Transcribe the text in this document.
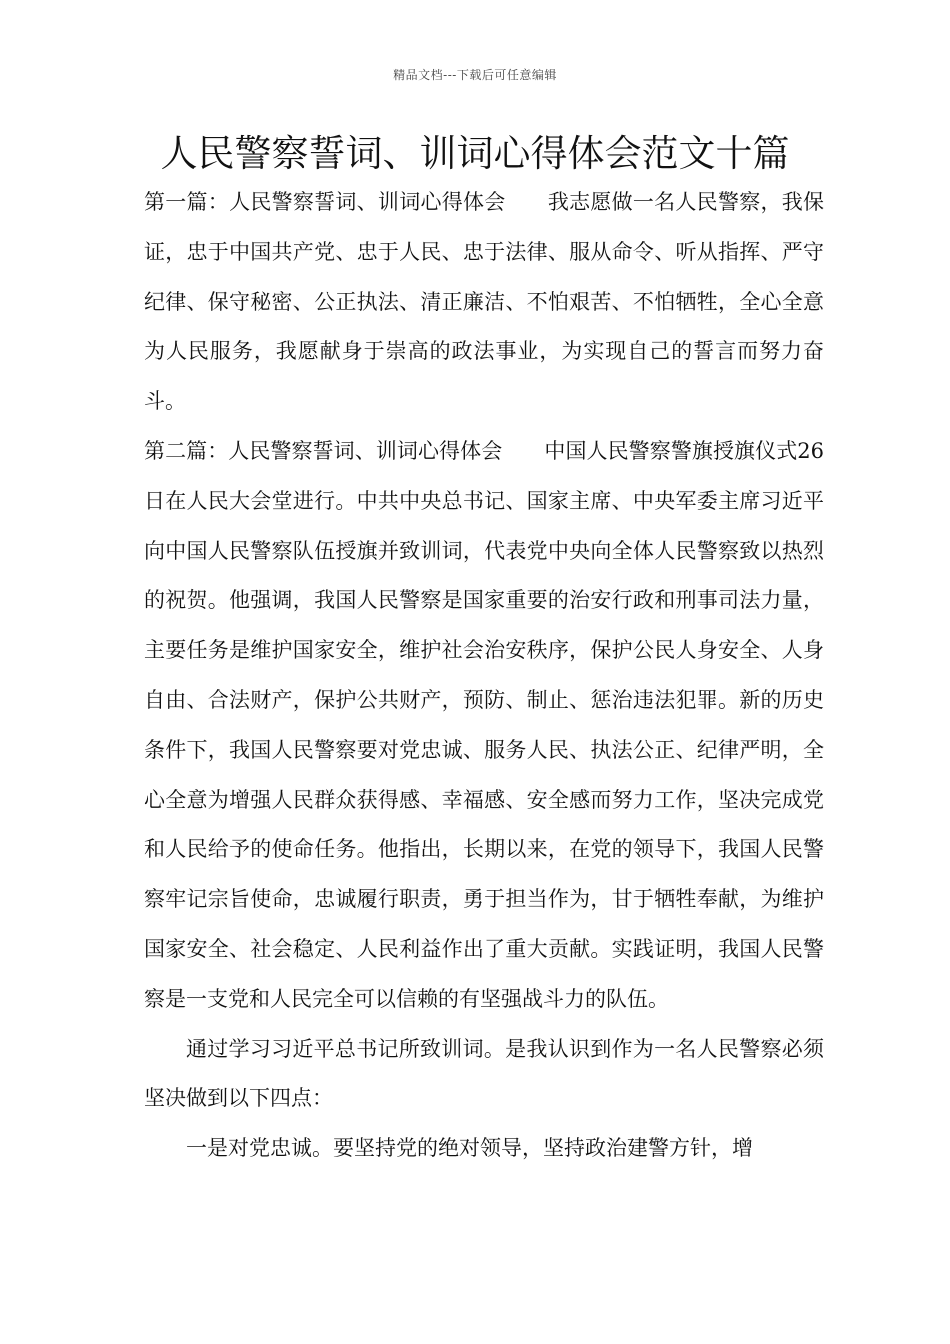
精品文档---下载后可任意编辑
人民警察誓词、训词心得体会范文十篇

第一篇：人民警察誓词、训词心得体会   我志愿做一名人民警察，我保证，忠于中国共产党、忠于人民、忠于法律、服从命令、听从指挥、严守纪律、保守秘密、公正执法、清正廉洁、不怕艰苦、不怕牺牲，全心全意为人民服务，我愿献身于崇高的政法事业，为实现自己的誓言而努力奋斗。

第二篇：人民警察誓词、训词心得体会   中国人民警察警旗授旗仪式26日在人民大会堂进行。中共中央总书记、国家主席、中央军委主席习近平向中国人民警察队伍授旗并致训词，代表党中央向全体人民警察致以热烈的祝贺。他强调，我国人民警察是国家重要的治安行政和刑事司法力量，主要任务是维护国家安全，维护社会治安秩序，保护公民人身安全、人身自由、合法财产，保护公共财产，预防、制止、惩治违法犯罪。新的历史条件下，我国人民警察要对党忠诚、服务人民、执法公正、纪律严明，全心全意为增强人民群众获得感、幸福感、安全感而努力工作，坚决完成党和人民给予的使命任务。他指出，长期以来，在党的领导下，我国人民警察牢记宗旨使命，忠诚履行职责，勇于担当作为，甘于牺牲奉献，为维护国家安全、社会稳定、人民利益作出了重大贡献。实践证明，我国人民警察是一支党和人民完全可以信赖的有坚强战斗力的队伍。

通过学习习近平总书记所致训词。是我认识到作为一名人民警察必须坚决做到以下四点：

一是对党忠诚。要坚持党的绝对领导，坚持政治建警方针，增
